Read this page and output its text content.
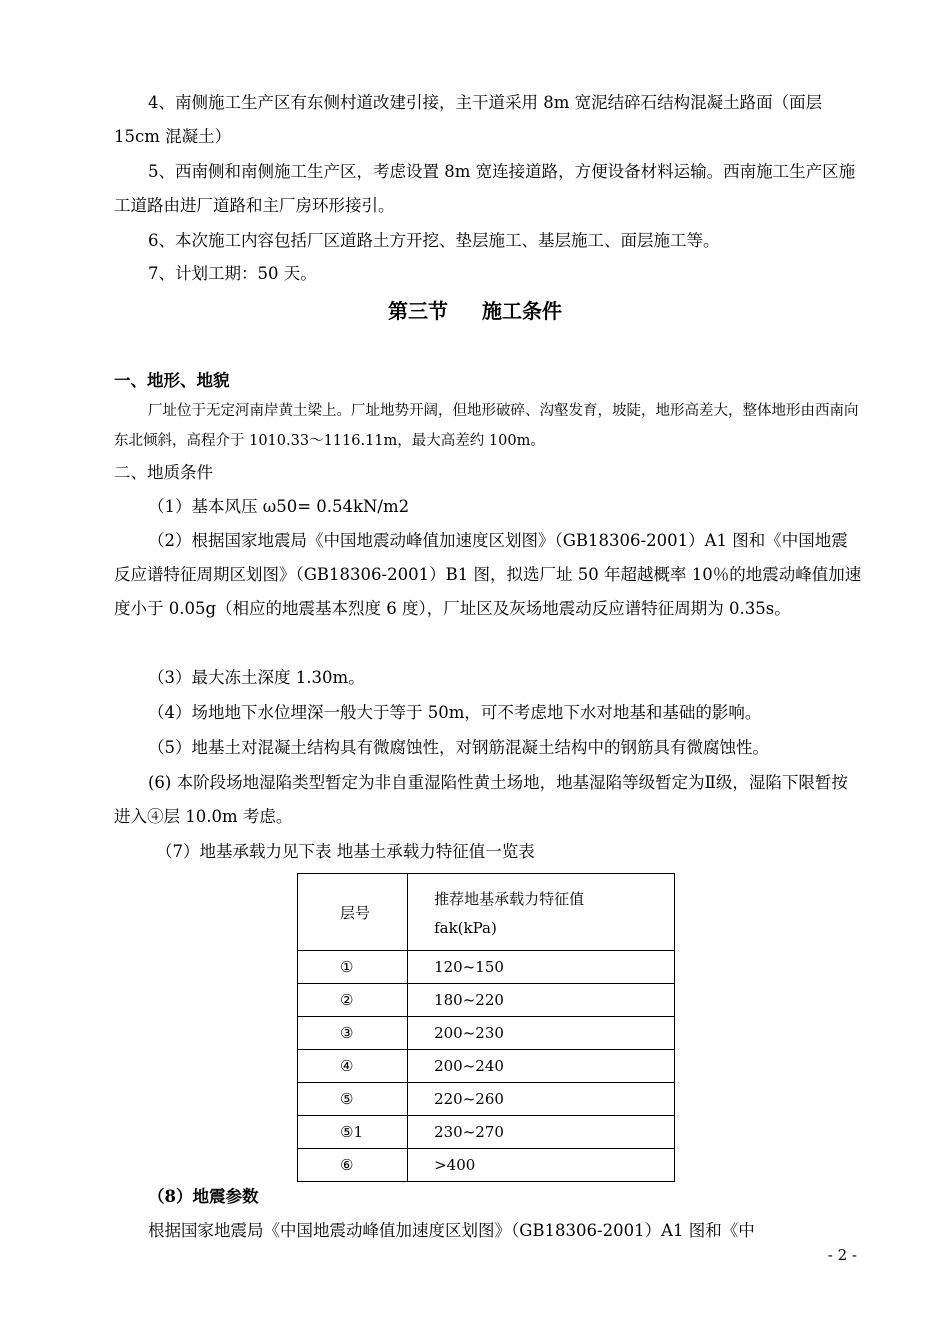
4、南侧施工生产区有东侧村道改建引接，主干道采用 8m 宽泥结碎石结构混凝土路面（面层 15cm 混凝土）
5、西南侧和南侧施工生产区，考虑设置 8m 宽连接道路，方便设备材料运输。西南施工生产区施工道路由进厂道路和主厂房环形接引。
6、本次施工内容包括厂区道路土方开挖、垫层施工、基层施工、面层施工等。
7、计划工期：50 天。
第三节 施工条件
一、地形、地貌
厂址位于无定河南岸黄土梁上。厂址地势开阔，但地形破碎、沟壑发育，坡陡，地形高差大，整体地形由西南向东北倾斜，高程介于 1010.33～1116.11m，最大高差约 100m。
二、地质条件
（1）基本风压 ω50= 0.54kN/m2
（2）根据国家地震局《中国地震动峰值加速度区划图》（GB18306-2001）A1 图和《中国地震反应谱特征周期区划图》（GB18306-2001）B1 图，拟选厂址 50 年超越概率 10％的地震动峰值加速度小于 0.05g（相应的地震基本烈度 6 度），厂址区及灰场地震动反应谱特征周期为 0.35s。
（3）最大冻土深度 1.30m。
（4）场地地下水位埋深一般大于等于 50m，可不考虑地下水对地基和基础的影响。
（5）地基土对混凝土结构具有微腐蚀性，对钢筋混凝土结构中的钢筋具有微腐蚀性。
(6) 本阶段场地湿陷类型暂定为非自重湿陷性黄土场地，地基湿陷等级暂定为Ⅱ级，湿陷下限暂按进入④层 10.0m 考虑。
（7）地基承载力见下表 地基土承载力特征值一览表
层号	推荐地基承载力特征值
fak(kPa)

①	120~150
②	180~220
③	200~230
④	200~240
⑤	220~260
⑤1	230~270
⑥	>400
（8）地震参数
根据国家地震局《中国地震动峰值加速度区划图》（GB18306-2001）A1 图和《中
- 2 -
